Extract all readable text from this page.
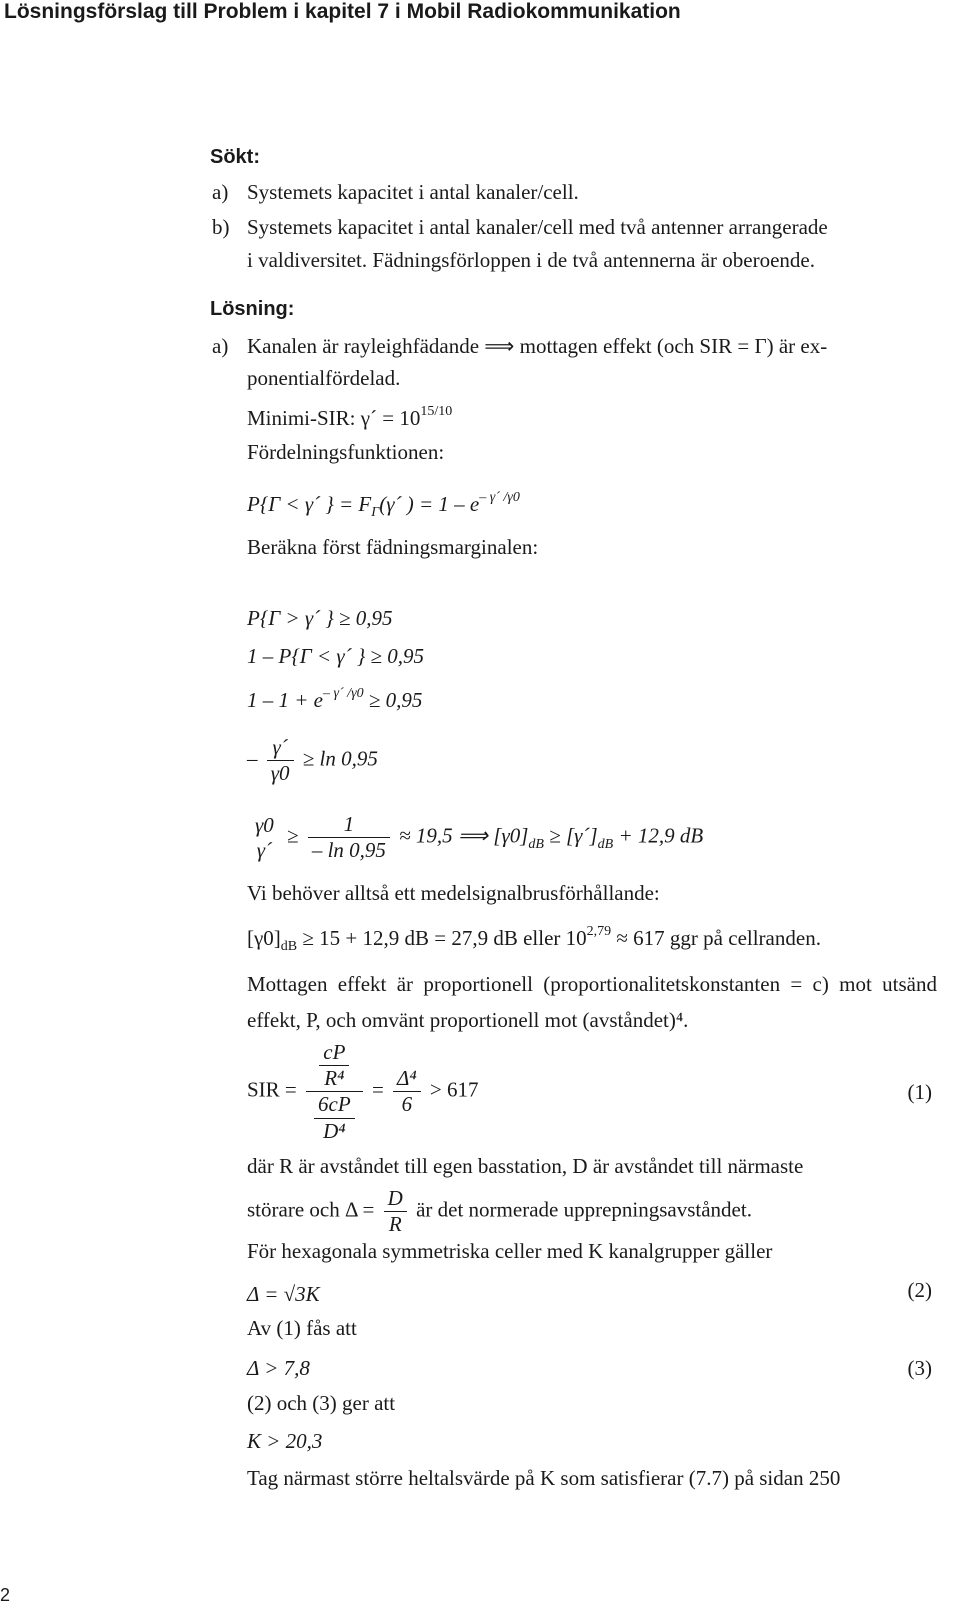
Lösningsförslag till Problem i kapitel 7 i Mobil Radiokommunikation
Sökt:
a) Systemets kapacitet i antal kanaler/cell.
b) Systemets kapacitet i antal kanaler/cell med två antenner arrangerade
i valdiversitet. Fädningsförloppen i de två antennerna är oberoende.
Lösning:
a) Kanalen är rayleighfädande ⟹ mottagen effekt (och SIR = Γ) är ex-
ponentialfördelad.
Minimi-SIR: γ´ = $10^{15/10}$
Fördelningsfunktionen:
P{Γ < γ´ } = $F_\Gamma(\gamma´$ ) = $1 - e^{- \gamma´ /\gamma 0}$
Beräkna först fädningsmarginalen:
P{Γ > γ´ } ≥ 0,95
1 – P{Γ < γ´ } ≥ 0,95
$1 - 1 + e^{- \gamma´ /\gamma 0} \ge 0,95$
– $\frac{\gamma´}{\gamma 0} \ge \ln 0,95$
γ0
γ´
≥ $\frac{1}{- \ln 0,95} \approx 19,5$ ⟹ $[\gamma 0]_{dB}$ ≥ $[\gamma´]_{dB} + 12,9$ dB
Vi behöver alltså ett medelsignalbrusförhållande:
$[\gamma 0]_{dB} \ge 15 + 12,9$ dB = 27,9 dB eller $10^{2,79} \approx 617$ ggr på cellranden.
Mottagen effekt är proportionell (proportionalitetskonstanten = c) mot utsänd effekt, P, och omvänt proportionell mot (avståndet)⁴.
SIR = $\frac{\frac{cP}{\text{R⁴}}}{\frac{6cP}{\text{D⁴}}} = \frac{\text{Δ⁴}}{6} > 617$	(1)
där R är avståndet till egen basstation, D är avståndet till närmaste
störare och $\Delta = \frac{D}{R}$ är det normerade upprepningsavståndet.
För hexagonala symmetriska celler med K kanalgrupper gäller
Δ = √3K	(2)
Av (1) fås att
Δ > 7,8	(3)
(2) och (3) ger att
K > 20,3
Tag närmast större heltalsvärde på K som satisfierar (7.7) på sidan 250
2
